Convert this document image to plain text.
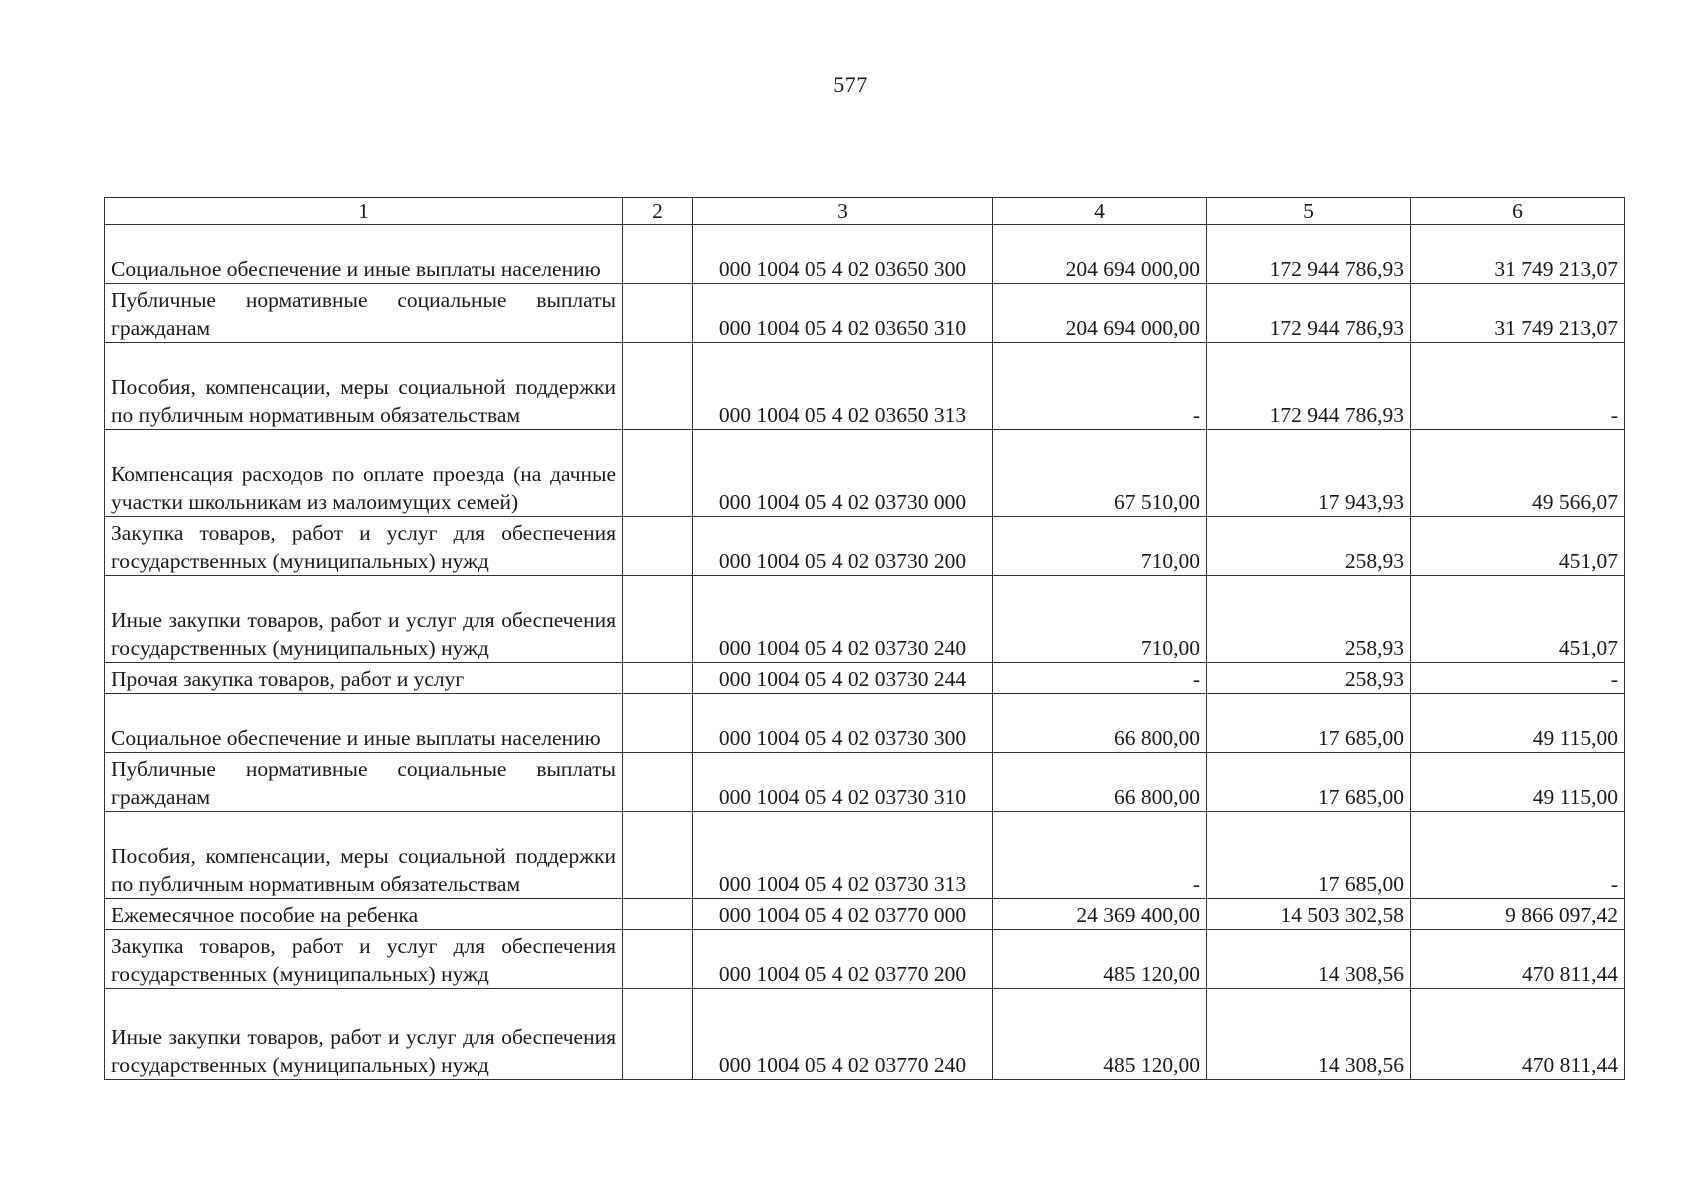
577
1	2	3	4	5	6
Социальное обеспечение и иные выплаты населению		000 1004 05 4 02 03650 300	204 694 000,00	172 944 786,93	31 749 213,07
Публичные нормативные социальные выплаты гражданам		000 1004 05 4 02 03650 310	204 694 000,00	172 944 786,93	31 749 213,07
Пособия, компенсации, меры социальной поддержки по публичным нормативным обязательствам		000 1004 05 4 02 03650 313	-	172 944 786,93	-
Компенсация расходов по оплате проезда (на дачные участки школьникам из малоимущих семей)		000 1004 05 4 02 03730 000	67 510,00	17 943,93	49 566,07
Закупка товаров, работ и услуг для обеспечения государственных (муниципальных) нужд		000 1004 05 4 02 03730 200	710,00	258,93	451,07
Иные закупки товаров, работ и услуг для обеспечения государственных (муниципальных) нужд		000 1004 05 4 02 03730 240	710,00	258,93	451,07
Прочая закупка товаров, работ и услуг		000 1004 05 4 02 03730 244	-	258,93	-
Социальное обеспечение и иные выплаты населению		000 1004 05 4 02 03730 300	66 800,00	17 685,00	49 115,00
Публичные нормативные социальные выплаты гражданам		000 1004 05 4 02 03730 310	66 800,00	17 685,00	49 115,00
Пособия, компенсации, меры социальной поддержки по публичным нормативным обязательствам		000 1004 05 4 02 03730 313	-	17 685,00	-
Ежемесячное пособие на ребенка		000 1004 05 4 02 03770 000	24 369 400,00	14 503 302,58	9 866 097,42
Закупка товаров, работ и услуг для обеспечения государственных (муниципальных) нужд		000 1004 05 4 02 03770 200	485 120,00	14 308,56	470 811,44
Иные закупки товаров, работ и услуг для обеспечения государственных (муниципальных) нужд		000 1004 05 4 02 03770 240	485 120,00	14 308,56	470 811,44
